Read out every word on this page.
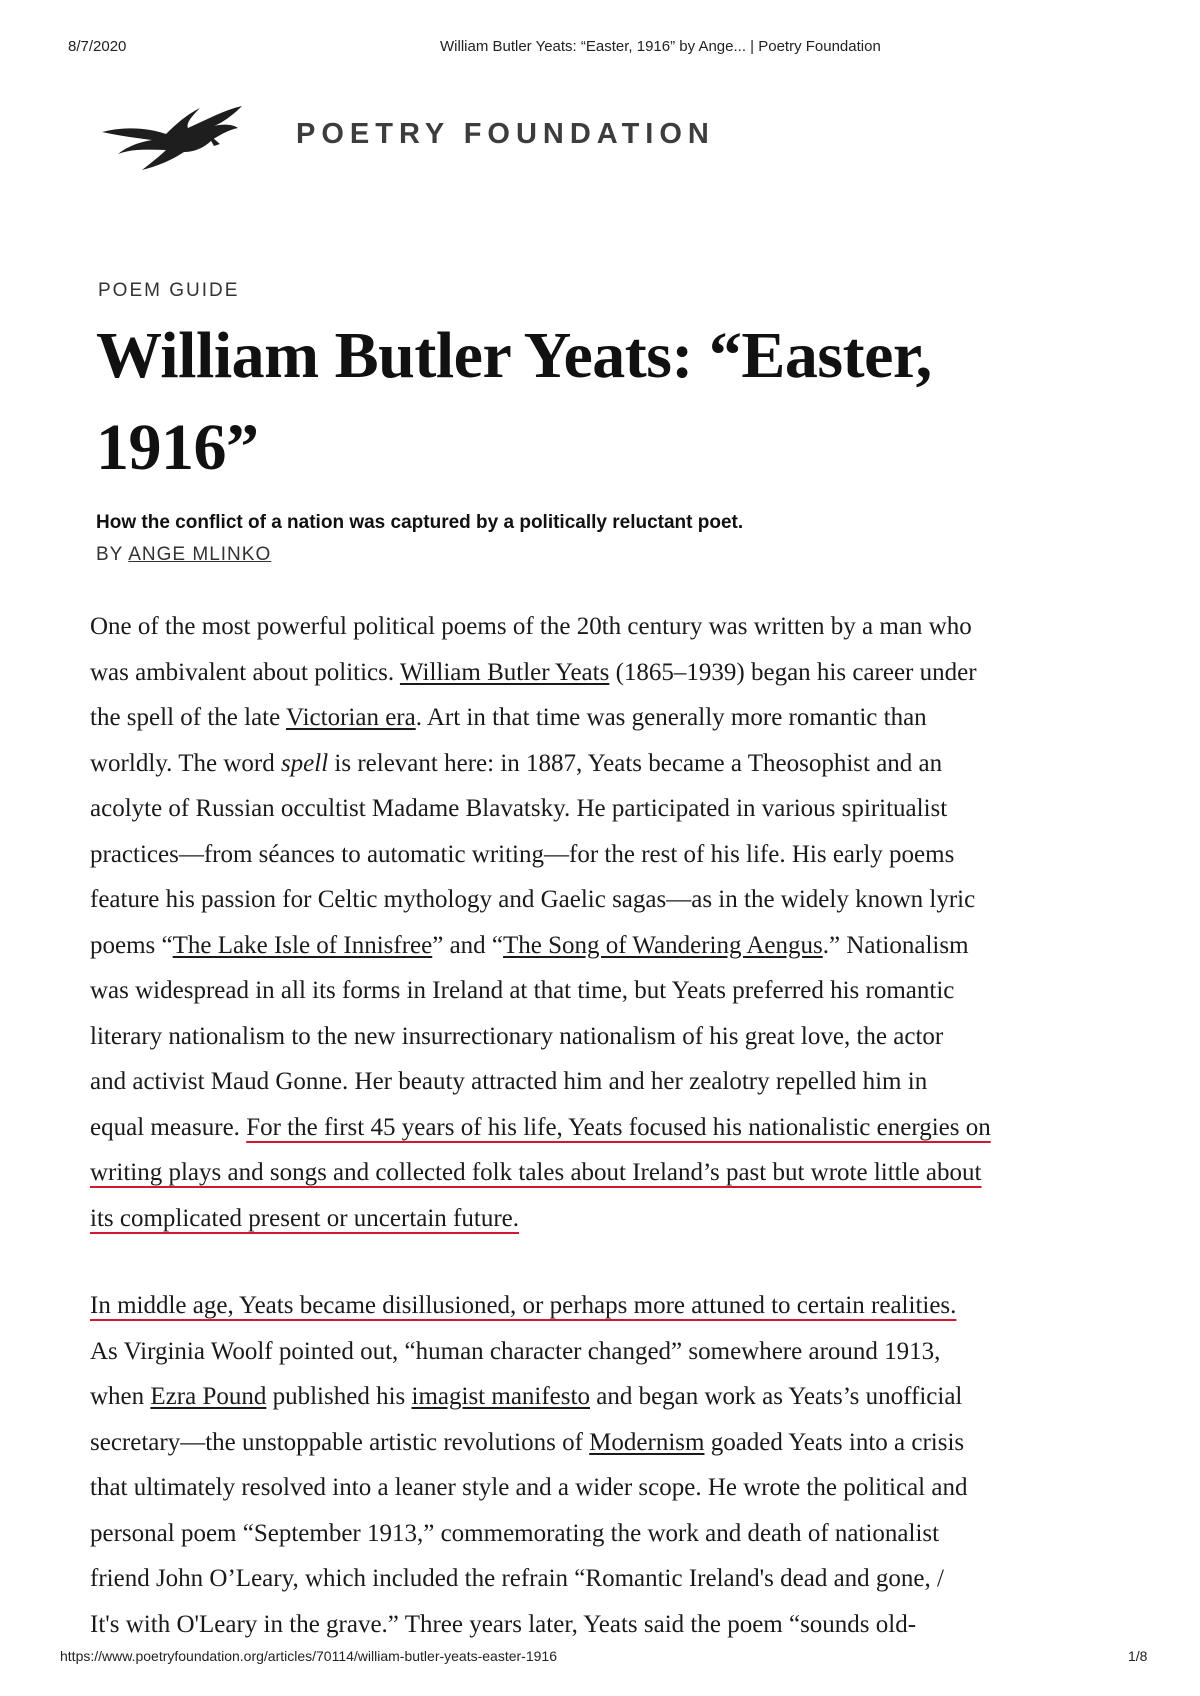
8/7/2020	William Butler Yeats: “Easter, 1916” by Ange... | Poetry Foundation
POETRY FOUNDATION
POEM GUIDE
William Butler Yeats: “Easter,
1916”
How the conflict of a nation was captured by a politically reluctant poet.
BY ANGE MLINKO
One of the most powerful political poems of the 20th century was written by a man who
was ambivalent about politics. William Butler Yeats (1865–1939) began his career under
the spell of the late Victorian era. Art in that time was generally more romantic than
worldly. The word spell is relevant here: in 1887, Yeats became a Theosophist and an
acolyte of Russian occultist Madame Blavatsky. He participated in various spiritualist
practices—from séances to automatic writing—for the rest of his life. His early poems
feature his passion for Celtic mythology and Gaelic sagas—as in the widely known lyric
poems “The Lake Isle of Innisfree” and “The Song of Wandering Aengus.” Nationalism
was widespread in all its forms in Ireland at that time, but Yeats preferred his romantic
literary nationalism to the new insurrectionary nationalism of his great love, the actor
and activist Maud Gonne. Her beauty attracted him and her zealotry repelled him in
equal measure. For the first 45 years of his life, Yeats focused his nationalistic energies on
writing plays and songs and collected folk tales about Ireland’s past but wrote little about
its complicated present or uncertain future.
In middle age, Yeats became disillusioned, or perhaps more attuned to certain realities.
As Virginia Woolf pointed out, “human character changed” somewhere around 1913,
when Ezra Pound published his imagist manifesto and began work as Yeats’s unofficial
secretary—the unstoppable artistic revolutions of Modernism goaded Yeats into a crisis
that ultimately resolved into a leaner style and a wider scope. He wrote the political and
personal poem “September 1913,” commemorating the work and death of nationalist
friend John O’Leary, which included the refrain “Romantic Ireland's dead and gone, /
It's with O'Leary in the grave.” Three years later, Yeats said the poem “sounds old-
https://www.poetryfoundation.org/articles/70114/william-butler-yeats-easter-1916	1/8
